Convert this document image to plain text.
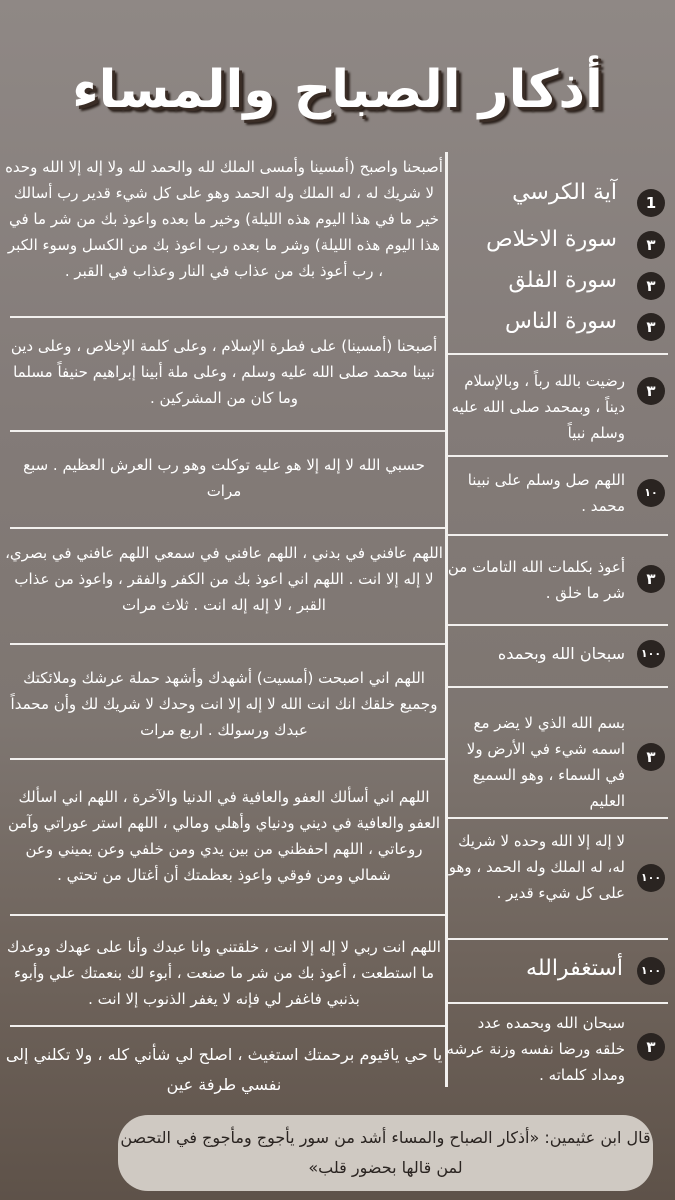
أذكار الصباح والمساء
أصبحنا واصبح (أمسينا وأمسى الملك لله والحمد لله ولا إله إلا الله وحده لا شريك له ، له الملك وله الحمد وهو على كل شيء قدير رب أسالك خير ما في هذا اليوم هذه الليلة) وخير ما بعده واعوذ بك من شر ما في هذا اليوم هذه الليلة) وشر ما بعده رب اعوذ بك من الكسل وسوء الكبر ، رب أعوذ بك من عذاب في النار وعذاب في القبر .
أصبحنا (أمسينا) على فطرة الإسلام ، وعلى كلمة الإخلاص ، وعلى دين نبينا محمد صلى الله عليه وسلم ، وعلى ملة أبينا إبراهيم حنيفاً مسلما وما كان من المشركين .
حسبي الله لا إله إلا هو عليه توكلت وهو رب العرش العظيم . سبع مرات
اللهم عافني في بدني ، اللهم عافني في سمعي اللهم عافني في بصري، لا إله إلا انت . اللهم اني اعوذ بك من الكفر والفقر ، واعوذ من عذاب القبر ، لا إله إله انت . ثلاث مرات
اللهم اني اصبحت (أمسيت) أشهدك وأشهد حملة عرشك وملائكتك وجميع خلقك انك انت الله لا إله إلا انت وحدك لا شريك لك وأن محمداً عبدك ورسولك . اربع مرات
اللهم اني أسألك العفو والعافية في الدنيا والآخرة ، اللهم اني اسألك العفو والعافية في ديني ودنياي وأهلي ومالي ، اللهم استر عوراتي وآمن روعاتي ، اللهم احفظني من بين يدي ومن خلفي وعن يميني وعن شمالي ومن فوقي واعوذ بعظمتك أن أغتال من تحتي .
اللهم انت ربي لا إله إلا انت ، خلقتني وانا عبدك وأنا على عهدك ووعدك ما استطعت ، أعوذ بك من شر ما صنعت ، أبوء لك بنعمتك علي وأبوء بذنبي فاغفر لي فإنه لا يغفر الذنوب إلا انت .
يا حي ياقيوم برحمتك استغيث ، اصلح لي شأني كله ، ولا تكلني إلى نفسي طرفة عين
1
آية الكرسي
٣
سورة الاخلاص
٣
سورة الفلق
٣
سورة الناس
٣
رضيت بالله رباً ، وبالإسلام ديناً ، وبمحمد صلى الله عليه وسلم نبياً
١٠
اللهم صل وسلم على نبينا محمد .
٣
أعوذ بكلمات الله التامات من شر ما خلق .
١٠٠
سبحان الله وبحمده
٣
بسم الله الذي لا يضر مع اسمه شيء في الأرض ولا في السماء ، وهو السميع العليم
١٠٠
لا إله إلا الله وحده لا شريك له، له الملك وله الحمد ، وهو على كل شيء قدير .
١٠٠
أستغفرالله
٣
سبحان الله وبحمده عدد خلقه ورضا نفسه وزنة عرشه ومداد كلماته .
قال ابن عثيمين: «أذكار الصباح والمساء أشد من سور يأجوج ومأجوج في التحصن لمن قالها بحضور قلب»
